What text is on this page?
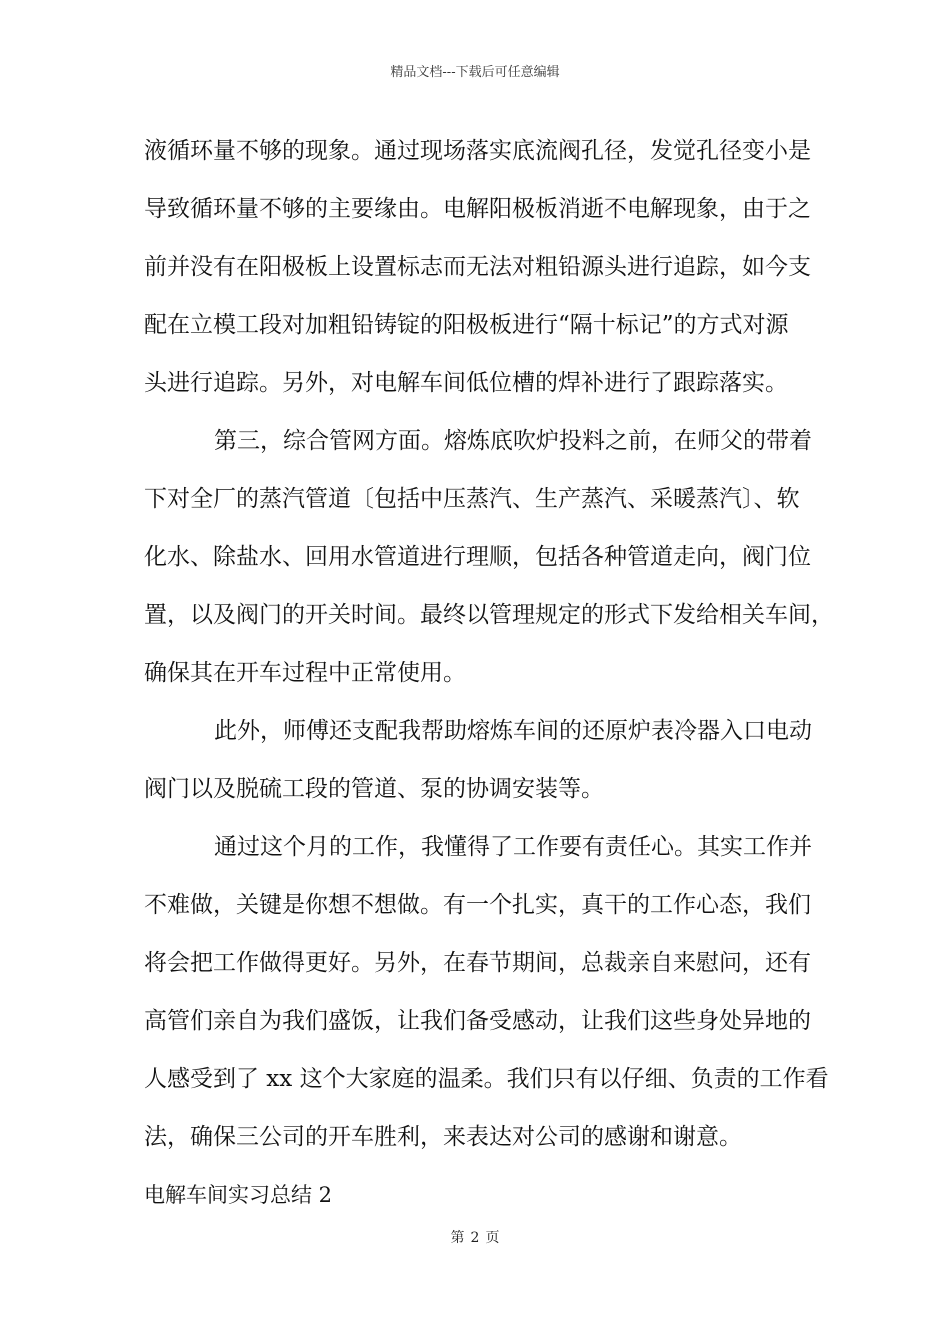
精品文档---下载后可任意编辑
液循环量不够的现象。通过现场落实底流阀孔径，发觉孔径变小是
导致循环量不够的主要缘由。电解阳极板消逝不电解现象，由于之
前并没有在阳极板上设置标志而无法对粗铅源头进行追踪，如今支
配在立模工段对加粗铅铸锭的阳极板进行“隔十标记”的方式对源
头进行追踪。另外，对电解车间低位槽的焊补进行了跟踪落实。
第三，综合管网方面。熔炼底吹炉投料之前，在师父的带着
下对全厂的蒸汽管道〔包括中压蒸汽、生产蒸汽、采暖蒸汽〕、软
化水、除盐水、回用水管道进行理顺，包括各种管道走向，阀门位
置，以及阀门的开关时间。最终以管理规定的形式下发给相关车间，
确保其在开车过程中正常使用。
此外，师傅还支配我帮助熔炼车间的还原炉表冷器入口电动
阀门以及脱硫工段的管道、泵的协调安装等。
通过这个月的工作，我懂得了工作要有责任心。其实工作并
不难做，关键是你想不想做。有一个扎实，真干的工作心态，我们
将会把工作做得更好。另外，在春节期间，总裁亲自来慰问，还有
高管们亲自为我们盛饭，让我们备受感动，让我们这些身处异地的
人感受到了 xx 这个大家庭的温柔。我们只有以仔细、负责的工作看
法，确保三公司的开车胜利，来表达对公司的感谢和谢意。
电解车间实习总结 2
第 2 页
